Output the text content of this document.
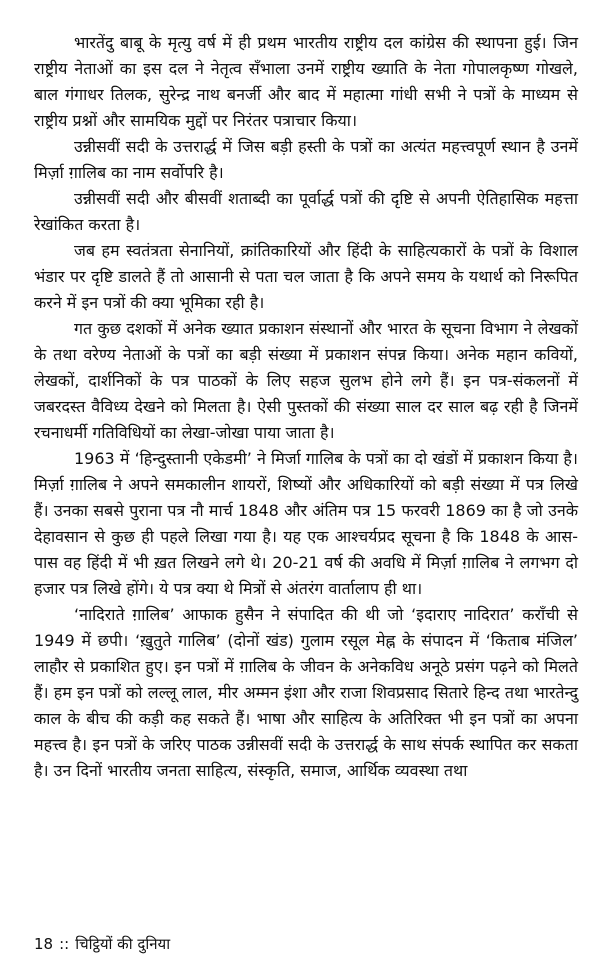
भारतेंदु बाबू के मृत्यु वर्ष में ही प्रथम भारतीय राष्ट्रीय दल कांग्रेस की स्थापना हुई। जिन राष्ट्रीय नेताओं का इस दल ने नेतृत्व सँभाला उनमें राष्ट्रीय ख्याति के नेता गोपालकृष्ण गोखले, बाल गंगाधर तिलक, सुरेन्द्र नाथ बनर्जी और बाद में महात्मा गांधी सभी ने पत्रों के माध्यम से राष्ट्रीय प्रश्नों और सामयिक मुद्दों पर निरंतर पत्राचार किया।

उन्नीसवीं सदी के उत्तरार्द्ध में जिस बड़ी हस्ती के पत्रों का अत्यंत महत्त्वपूर्ण स्थान है उनमें मिर्ज़ा ग़ालिब का नाम सर्वोपरि है।

उन्नीसवीं सदी और बीसवीं शताब्दी का पूर्वार्द्ध पत्रों की दृष्टि से अपनी ऐतिहासिक महत्ता रेखांकित करता है।

जब हम स्वतंत्रता सेनानियों, क्रांतिकारियों और हिंदी के साहित्यकारों के पत्रों के विशाल भंडार पर दृष्टि डालते हैं तो आसानी से पता चल जाता है कि अपने समय के यथार्थ को निरूपित करने में इन पत्रों की क्या भूमिका रही है।

गत कुछ दशकों में अनेक ख्यात प्रकाशन संस्थानों और भारत के सूचना विभाग ने लेखकों के तथा वरेण्य नेताओं के पत्रों का बड़ी संख्या में प्रकाशन संपन्न किया। अनेक महान कवियों, लेखकों, दार्शनिकों के पत्र पाठकों के लिए सहज सुलभ होने लगे हैं। इन पत्र-संकलनों में जबरदस्त वैविध्य देखने को मिलता है। ऐसी पुस्तकों की संख्या साल दर साल बढ़ रही है जिनमें रचनाधर्मी गतिविधियों का लेखा-जोखा पाया जाता है।

1963 में ‘हिन्दुस्तानी एकेडमी’ ने मिर्जा गालिब के पत्रों का दो खंडों में प्रकाशन किया है। मिर्ज़ा ग़ालिब ने अपने समकालीन शायरों, शिष्यों और अधिकारियों को बड़ी संख्या में पत्र लिखे हैं। उनका सबसे पुराना पत्र नौ मार्च 1848 और अंतिम पत्र 15 फरवरी 1869 का है जो उनके देहावसान से कुछ ही पहले लिखा गया है। यह एक आश्चर्यप्रद सूचना है कि 1848 के आस- पास वह हिंदी में भी ख़त लिखने लगे थे। 20-21 वर्ष की अवधि में मिर्ज़ा ग़ालिब ने लगभग दो हजार पत्र लिखे होंगे। ये पत्र क्या थे मित्रों से अंतरंग वार्तालाप ही था।

‘नादिराते ग़ालिब’ आफाक हुसैन ने संपादित की थी जो ‘इदाराए नादिरात’ कराँची से 1949 में छपी। ‘ख़ुतुते गालिब’ (दोनों खंड) गुलाम रसूल मेह्न के संपादन में ‘किताब मंजिल’ लाहौर से प्रकाशित हुए। इन पत्रों में ग़ालिब के जीवन के अनेकविध अनूठे प्रसंग पढ़ने को मिलते हैं। हम इन पत्रों को लल्लू लाल, मीर अम्मन इंशा और राजा शिवप्रसाद सितारे हिन्द तथा भारतेन्दु काल के बीच की कड़ी कह सकते हैं। भाषा और साहित्य के अतिरिक्त भी इन पत्रों का अपना महत्त्व है। इन पत्रों के जरिए पाठक उन्नीसवीं सदी के उत्तरार्द्ध के साथ संपर्क स्थापित कर सकता है। उन दिनों भारतीय जनता साहित्य, संस्कृति, समाज, आर्थिक व्यवस्था तथा

18 :: चिट्ठियों की दुनिया
